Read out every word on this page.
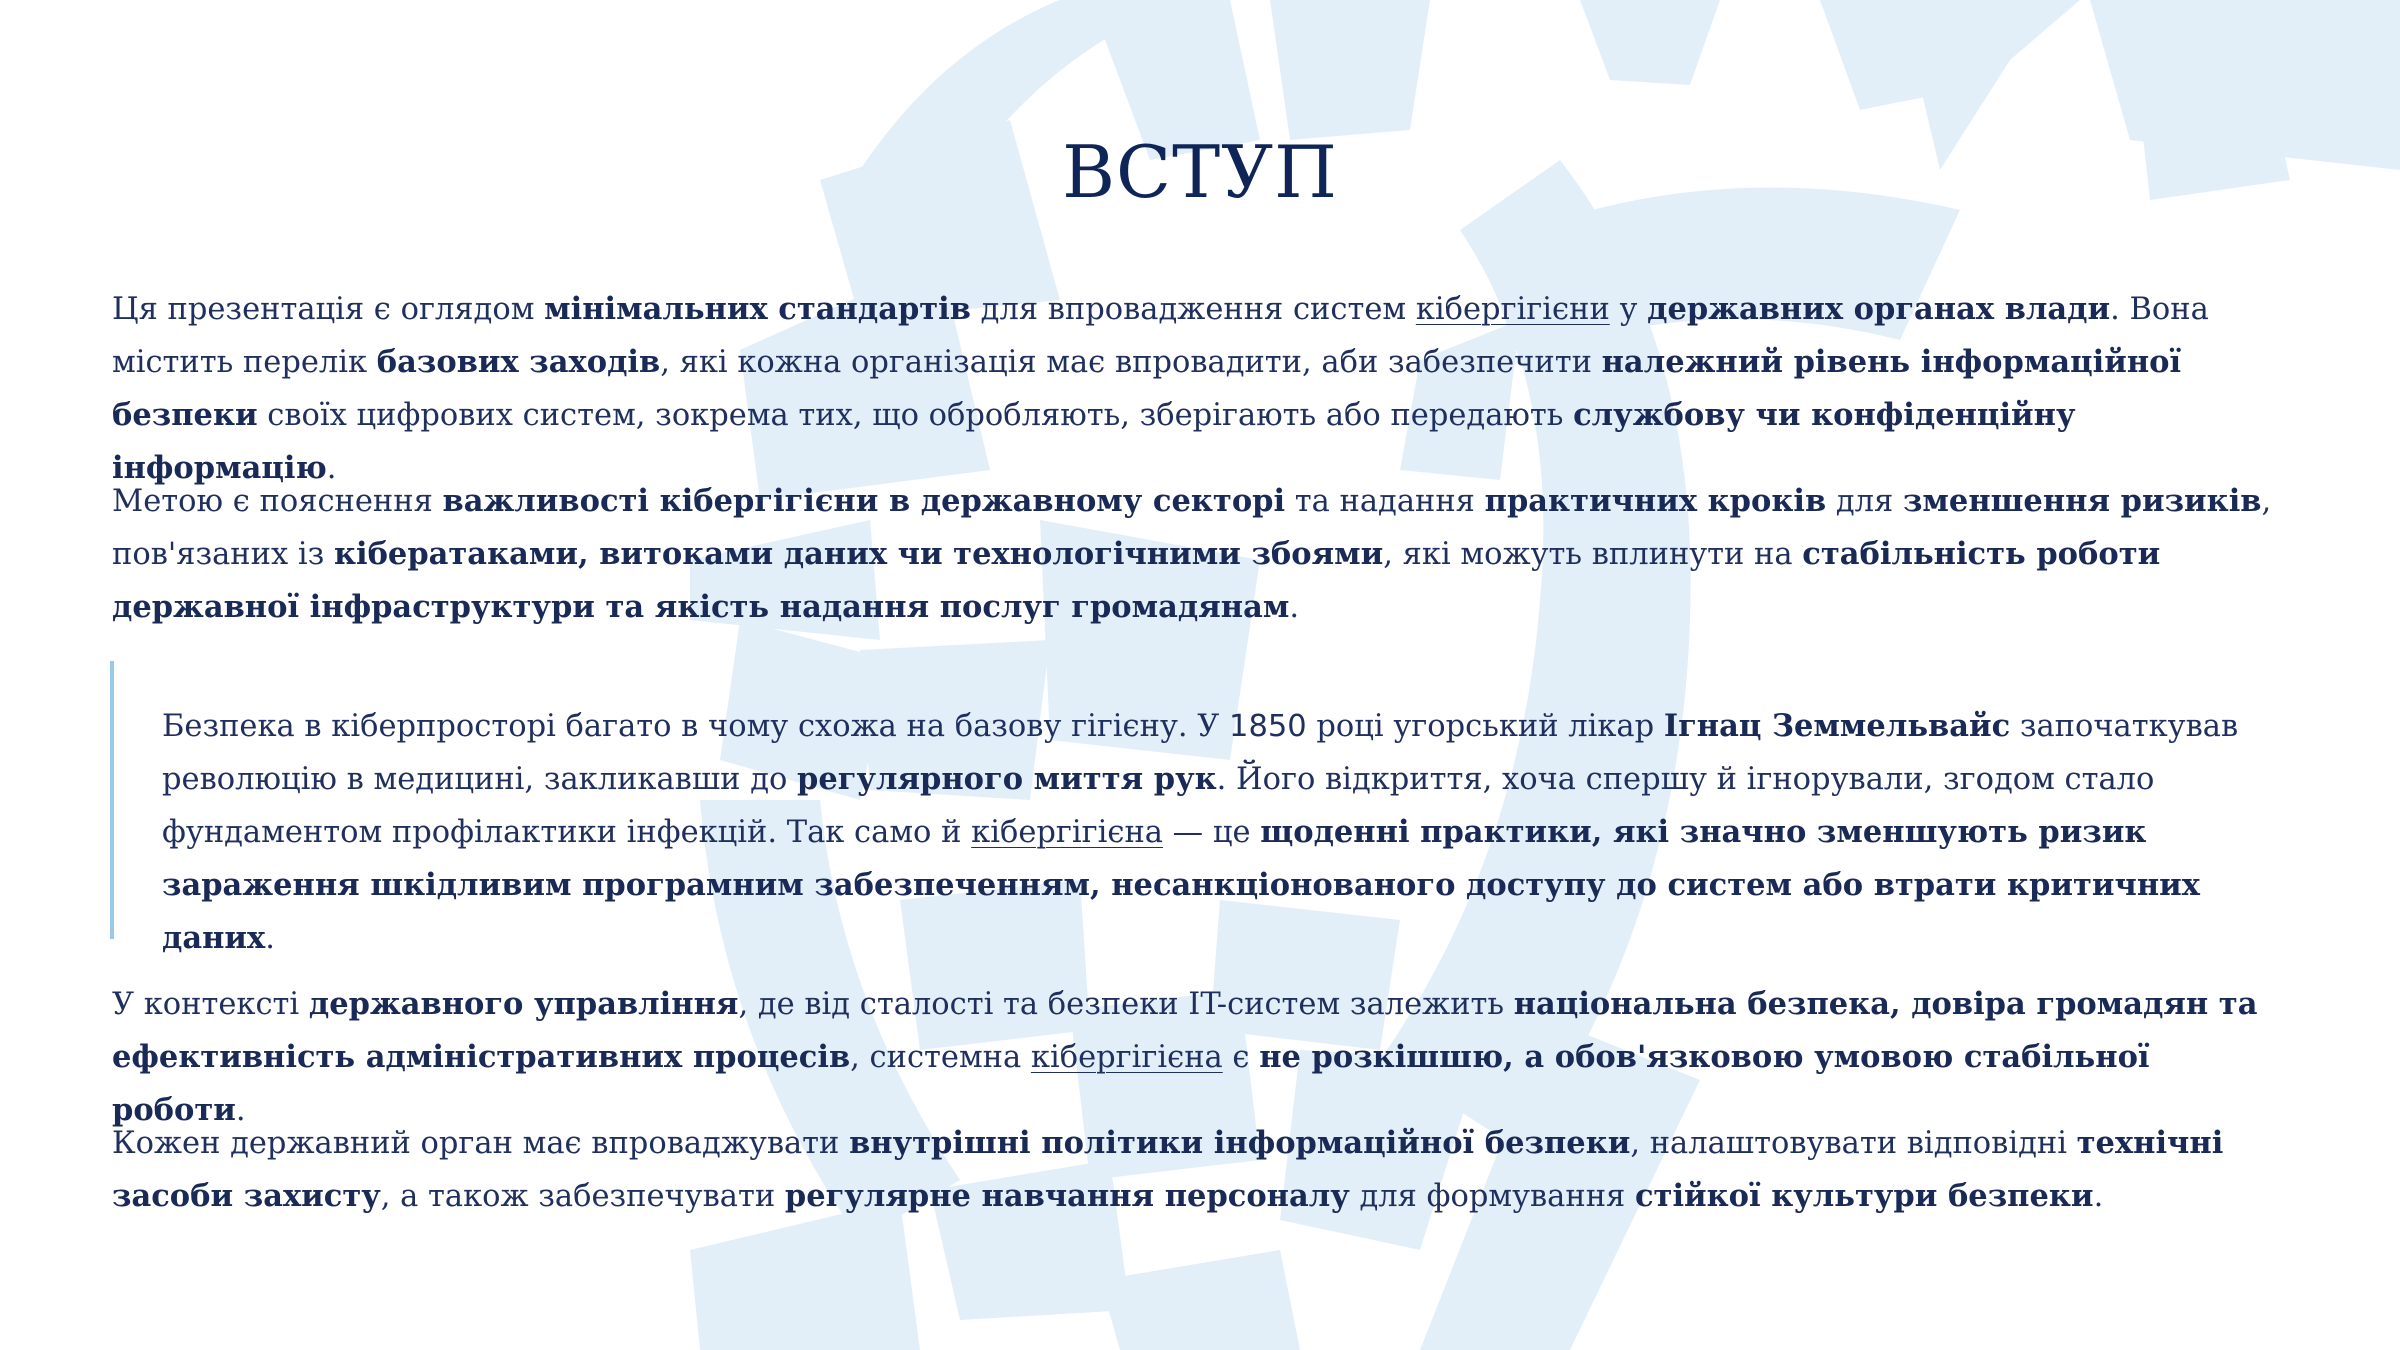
ВСТУП

Ця презентація є оглядом мінімальних стандартів для впровадження систем кібергігієни у державних органах влади. Вона містить перелік базових заходів, які кожна організація має впровадити, аби забезпечити належний рівень інформаційної безпеки своїх цифрових систем, зокрема тих, що обробляють, зберігають або передають службову чи конфіденційну інформацію.

Метою є пояснення важливості кібергігієни в державному секторі та надання практичних кроків для зменшення ризиків, пов'язаних із кібератаками, витоками даних чи технологічними збоями, які можуть вплинути на стабільність роботи державної інфраструктури та якість надання послуг громадянам.

Безпека в кіберпросторі багато в чому схожа на базову гігієну. У 1850 році угорський лікар Ігнац Земмельвайс започаткував революцію в медицині, закликавши до регулярного миття рук. Його відкриття, хоча спершу й ігнорували, згодом стало фундаментом профілактики інфекцій. Так само й кібергігієна — це щоденні практики, які значно зменшують ризик зараження шкідливим програмним забезпеченням, несанкціонованого доступу до систем або втрати критичних даних.

У контексті державного управління, де від сталості та безпеки IT-систем залежить національна безпека, довіра громадян та ефективність адміністративних процесів, системна кібергігієна є не розкішшю, а обов'язковою умовою стабільної роботи.

Кожен державний орган має впроваджувати внутрішні політики інформаційної безпеки, налаштовувати відповідні технічні засоби захисту, а також забезпечувати регулярне навчання персоналу для формування стійкої культури безпеки.
